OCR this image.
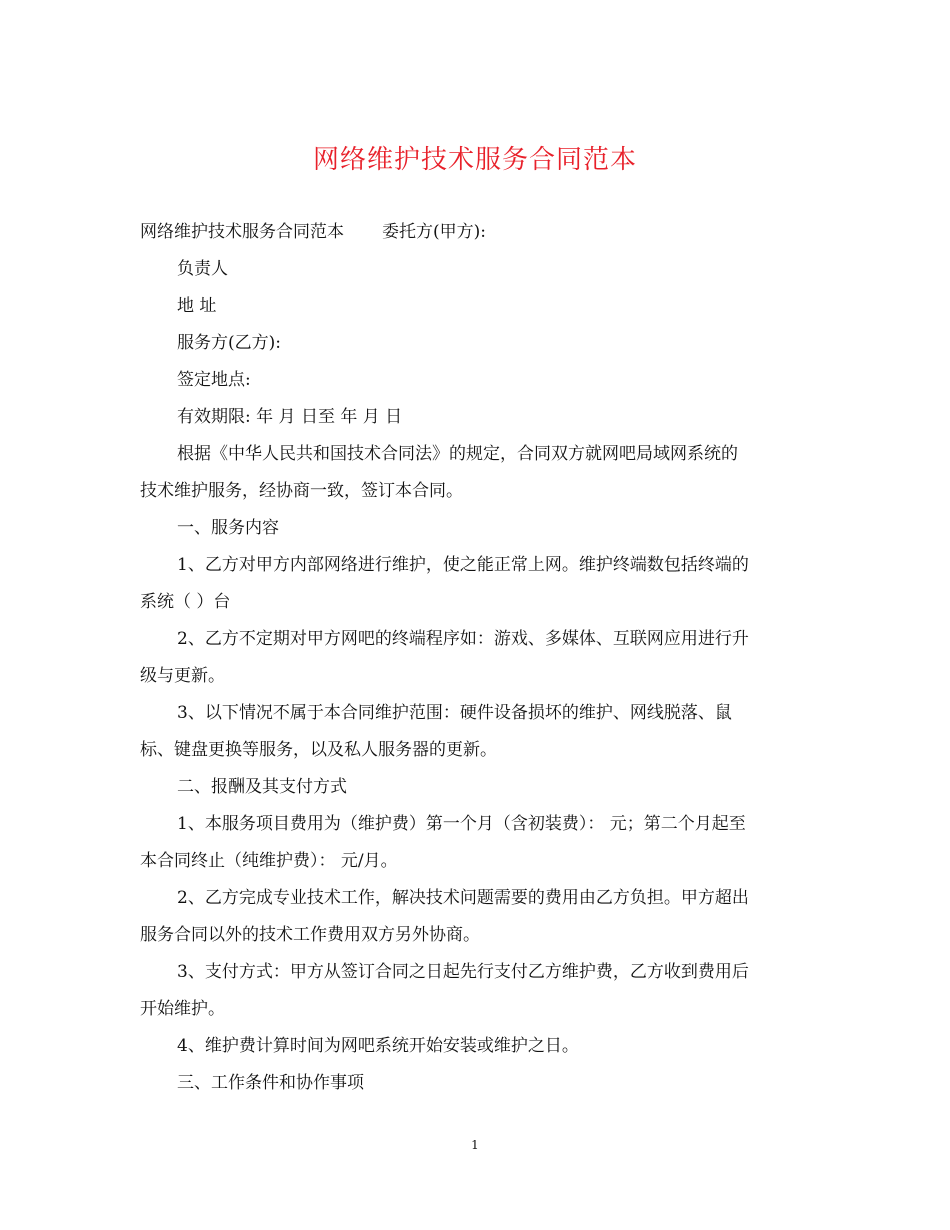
网络维护技术服务合同范本
网络维护技术服务合同范本 委托方(甲方):
负责人
地 址
服务方(乙方):
签定地点:
有效期限: 年 月 日至 年 月 日
根据《中华人民共和国技术合同法》的规定，合同双方就网吧局域网系统的
技术维护服务，经协商一致，签订本合同。
一、服务内容
1、乙方对甲方内部网络进行维护，使之能正常上网。维护终端数包括终端的
系统（ ）台
2、乙方不定期对甲方网吧的终端程序如：游戏、多媒体、互联网应用进行升
级与更新。
3、以下情况不属于本合同维护范围：硬件设备损坏的维护、网线脱落、鼠
标、键盘更换等服务，以及私人服务器的更新。
二、报酬及其支付方式
1、本服务项目费用为（维护费）第一个月（含初装费）： 元；第二个月起至
本合同终止（纯维护费）： 元/月。
2、乙方完成专业技术工作，解决技术问题需要的费用由乙方负担。甲方超出
服务合同以外的技术工作费用双方另外协商。
3、支付方式：甲方从签订合同之日起先行支付乙方维护费，乙方收到费用后
开始维护。
4、维护费计算时间为网吧系统开始安装或维护之日。
三、工作条件和协作事项
1
